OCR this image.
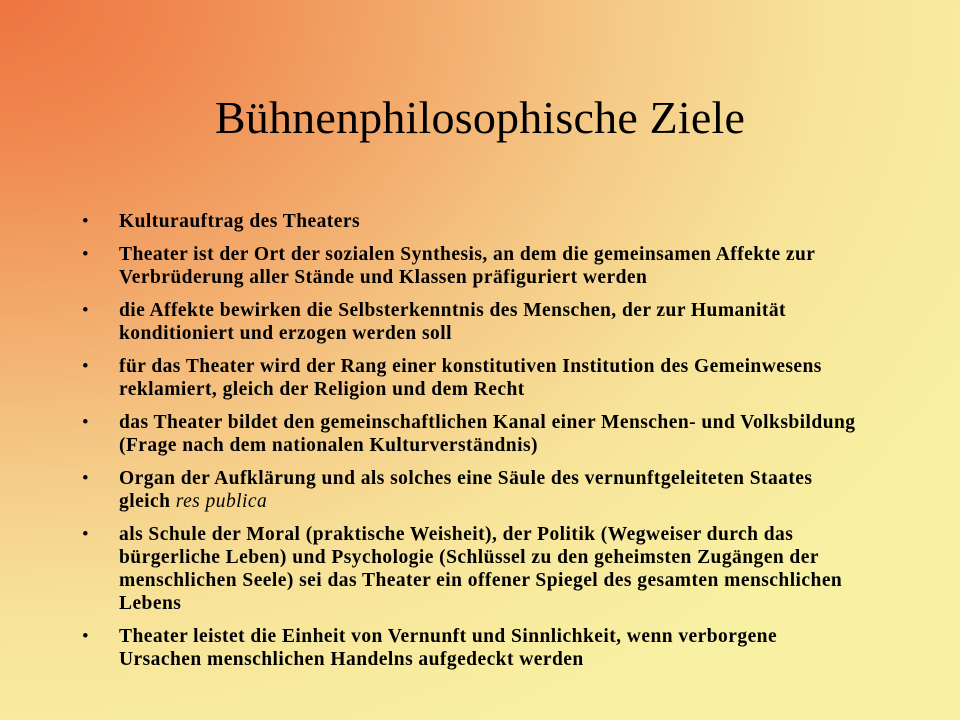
Bühnenphilosophische Ziele
• Kulturauftrag des Theaters
• Theater ist der Ort der sozialen Synthesis, an dem die gemeinsamen Affekte zur Verbrüderung aller Stände und Klassen präfiguriert werden
• die Affekte bewirken die Selbsterkenntnis des Menschen, der zur Humanität konditioniert und erzogen werden soll
• für das Theater wird der Rang einer konstitutiven Institution des Gemeinwesens reklamiert, gleich der Religion und dem Recht
• das Theater bildet den gemeinschaftlichen Kanal einer Menschen- und Volksbildung (Frage nach dem nationalen Kulturverständnis)
• Organ der Aufklärung und als solches eine Säule des vernunftgeleiteten Staates gleich res publica
• als Schule der Moral (praktische Weisheit), der Politik (Wegweiser durch das bürgerliche Leben) und Psychologie (Schlüssel zu den geheimsten Zugängen der menschlichen Seele) sei das Theater ein offener Spiegel des gesamten menschlichen Lebens
• Theater leistet die Einheit von Vernunft und Sinnlichkeit, wenn verborgene Ursachen menschlichen Handelns aufgedeckt werden
